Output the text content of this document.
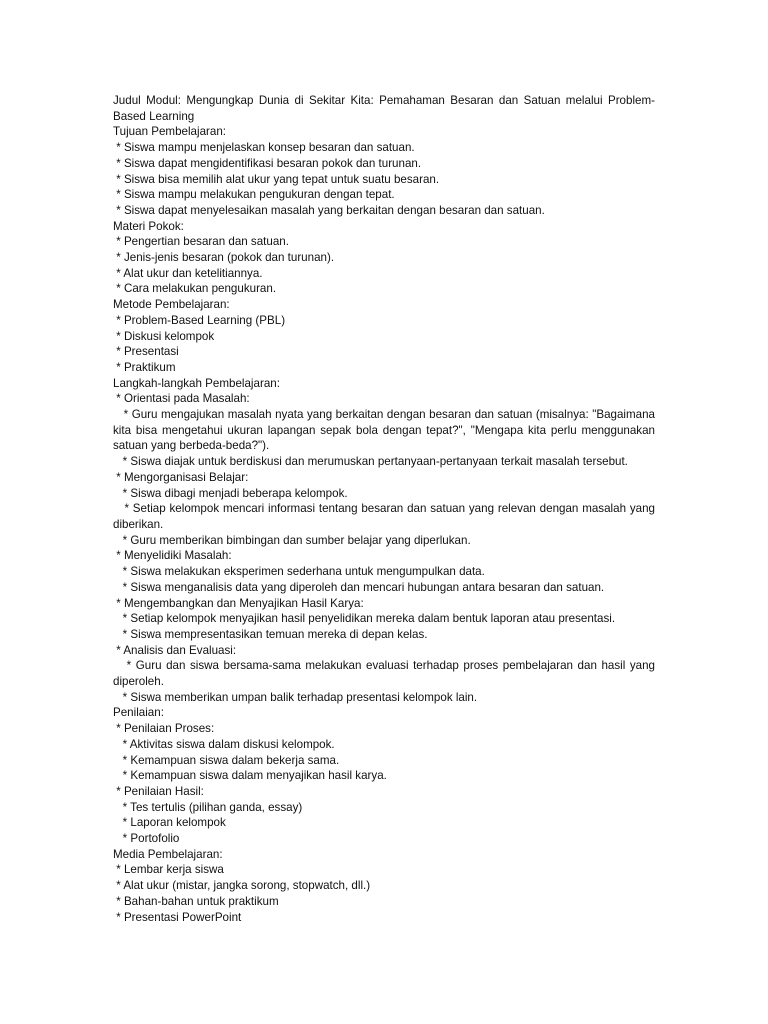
Judul Modul: Mengungkap Dunia di Sekitar Kita: Pemahaman Besaran dan Satuan melalui Problem-Based Learning
Tujuan Pembelajaran:
* Siswa mampu menjelaskan konsep besaran dan satuan.
* Siswa dapat mengidentifikasi besaran pokok dan turunan.
* Siswa bisa memilih alat ukur yang tepat untuk suatu besaran.
* Siswa mampu melakukan pengukuran dengan tepat.
* Siswa dapat menyelesaikan masalah yang berkaitan dengan besaran dan satuan.
Materi Pokok:
* Pengertian besaran dan satuan.
* Jenis-jenis besaran (pokok dan turunan).
* Alat ukur dan ketelitiannya.
* Cara melakukan pengukuran.
Metode Pembelajaran:
* Problem-Based Learning (PBL)
* Diskusi kelompok
* Presentasi
* Praktikum
Langkah-langkah Pembelajaran:
* Orientasi pada Masalah:
* Guru mengajukan masalah nyata yang berkaitan dengan besaran dan satuan (misalnya: "Bagaimana kita bisa mengetahui ukuran lapangan sepak bola dengan tepat?", "Mengapa kita perlu menggunakan satuan yang berbeda-beda?").
* Siswa diajak untuk berdiskusi dan merumuskan pertanyaan-pertanyaan terkait masalah tersebut.
* Mengorganisasi Belajar:
* Siswa dibagi menjadi beberapa kelompok.
* Setiap kelompok mencari informasi tentang besaran dan satuan yang relevan dengan masalah yang diberikan.
* Guru memberikan bimbingan dan sumber belajar yang diperlukan.
* Menyelidiki Masalah:
* Siswa melakukan eksperimen sederhana untuk mengumpulkan data.
* Siswa menganalisis data yang diperoleh dan mencari hubungan antara besaran dan satuan.
* Mengembangkan dan Menyajikan Hasil Karya:
* Setiap kelompok menyajikan hasil penyelidikan mereka dalam bentuk laporan atau presentasi.
* Siswa mempresentasikan temuan mereka di depan kelas.
* Analisis dan Evaluasi:
* Guru dan siswa bersama-sama melakukan evaluasi terhadap proses pembelajaran dan hasil yang diperoleh.
* Siswa memberikan umpan balik terhadap presentasi kelompok lain.
Penilaian:
* Penilaian Proses:
* Aktivitas siswa dalam diskusi kelompok.
* Kemampuan siswa dalam bekerja sama.
* Kemampuan siswa dalam menyajikan hasil karya.
* Penilaian Hasil:
* Tes tertulis (pilihan ganda, essay)
* Laporan kelompok
* Portofolio
Media Pembelajaran:
* Lembar kerja siswa
* Alat ukur (mistar, jangka sorong, stopwatch, dll.)
* Bahan-bahan untuk praktikum
* Presentasi PowerPoint
